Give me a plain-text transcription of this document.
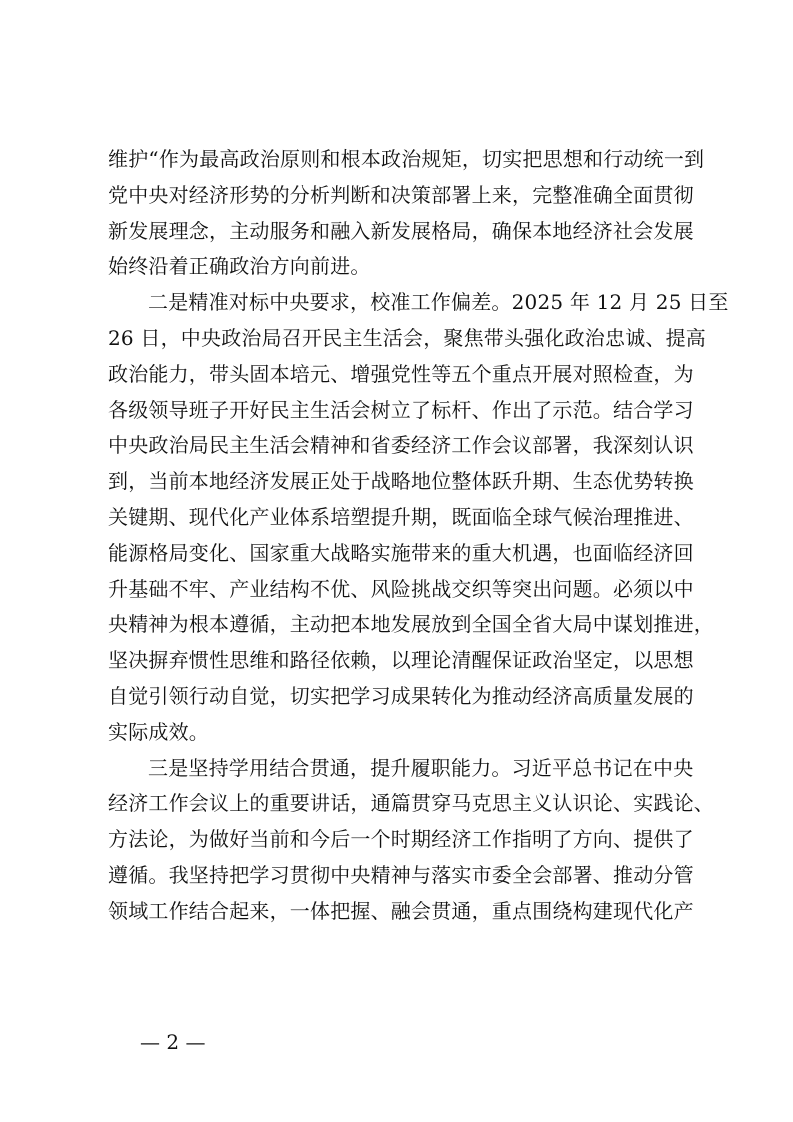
维护“作为最高政治原则和根本政治规矩，切实把思想和行动统一到
党中央对经济形势的分析判断和决策部署上来，完整准确全面贯彻
新发展理念，主动服务和融入新发展格局，确保本地经济社会发展
始终沿着正确政治方向前进。
二是精准对标中央要求，校准工作偏差。2025 年 12 月 25 日至
26 日，中央政治局召开民主生活会，聚焦带头强化政治忠诚、提高
政治能力，带头固本培元、增强党性等五个重点开展对照检查，为
各级领导班子开好民主生活会树立了标杆、作出了示范。结合学习
中央政治局民主生活会精神和省委经济工作会议部署，我深刻认识
到，当前本地经济发展正处于战略地位整体跃升期、生态优势转换
关键期、现代化产业体系培塑提升期，既面临全球气候治理推进、
能源格局变化、国家重大战略实施带来的重大机遇，也面临经济回
升基础不牢、产业结构不优、风险挑战交织等突出问题。必须以中
央精神为根本遵循，主动把本地发展放到全国全省大局中谋划推进，
坚决摒弃惯性思维和路径依赖，以理论清醒保证政治坚定，以思想
自觉引领行动自觉，切实把学习成果转化为推动经济高质量发展的
实际成效。
三是坚持学用结合贯通，提升履职能力。习近平总书记在中央
经济工作会议上的重要讲话，通篇贯穿马克思主义认识论、实践论、
方法论，为做好当前和今后一个时期经济工作指明了方向、提供了
遵循。我坚持把学习贯彻中央精神与落实市委全会部署、推动分管
领域工作结合起来，一体把握、融会贯通，重点围绕构建现代化产
— 2 —
